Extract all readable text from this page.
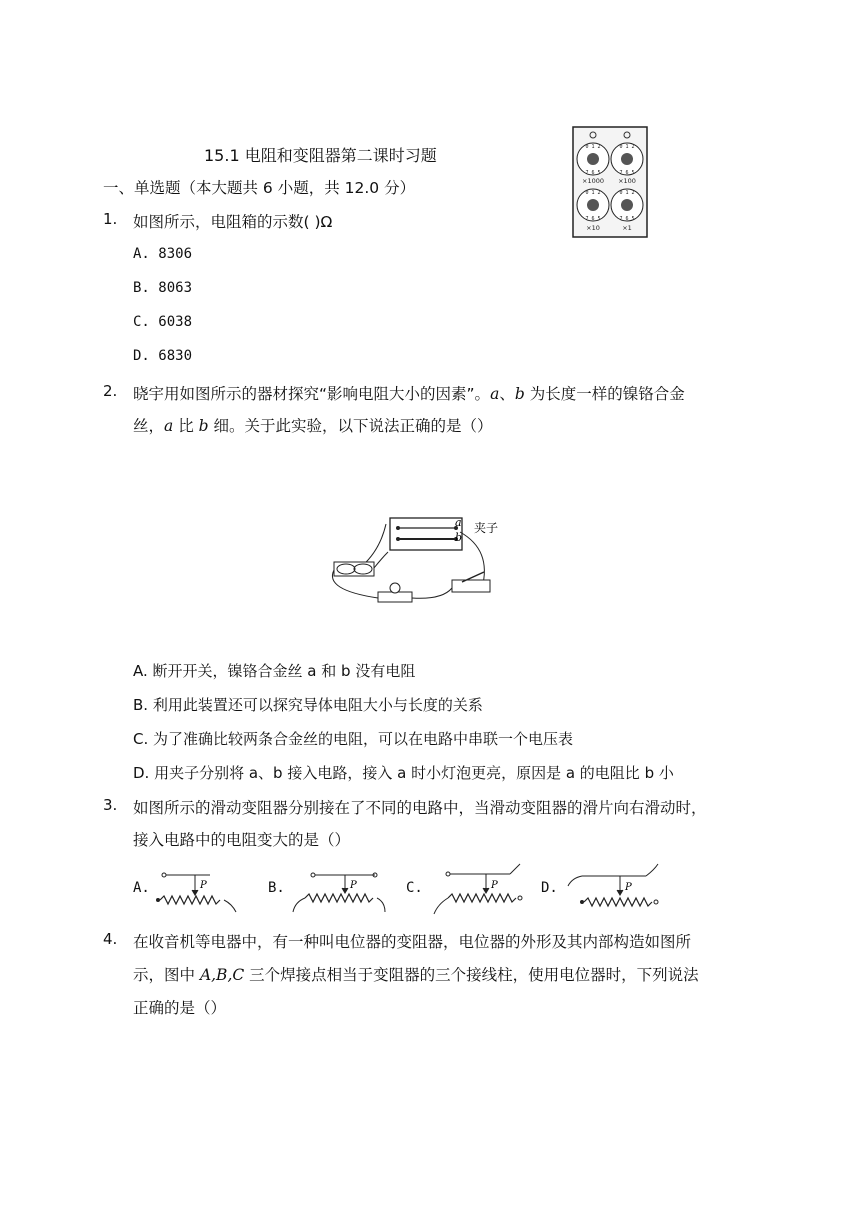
15.1 电阻和变阻器第二课时习题
一、单选题（本大题共 6 小题，共 12.0 分）
0 1 2	0 1 2
7 6 5	7 6 5
0 1 2	0 1 2
7 6 5	7 6 5
×1000 ×100
×10	×1
1. 如图所示，电阻箱的示数( )Ω
A. 8306
B. 8063
C. 6038
D. 6830
2. 晓宇用如图所示的器材探究“影响电阻大小的因素”。a、b 为长度一样的镍铬合金
丝，a 比 b 细。关于此实验，以下说法正确的是（）
a
b
夹子
A. 断开开关，镍铬合金丝 a 和 b 没有电阻
B. 利用此装置还可以探究导体电阻大小与长度的关系
C. 为了准确比较两条合金丝的电阻，可以在电路中串联一个电压表
D. 用夹子分别将 a、b 接入电路，接入 a 时小灯泡更亮，原因是 a 的电阻比 b 小
3. 如图所示的滑动变阻器分别接在了不同的电路中，当滑动变阻器的滑片向右滑动时，
接入电路中的电阻变大的是（）
A.	P	B.	P	C.	P	D.	P
4. 在收音机等电器中，有一种叫电位器的变阻器，电位器的外形及其内部构造如图所
示，图中 A,B,C 三个焊接点相当于变阻器的三个接线柱，使用电位器时，下列说法
正确的是（）
